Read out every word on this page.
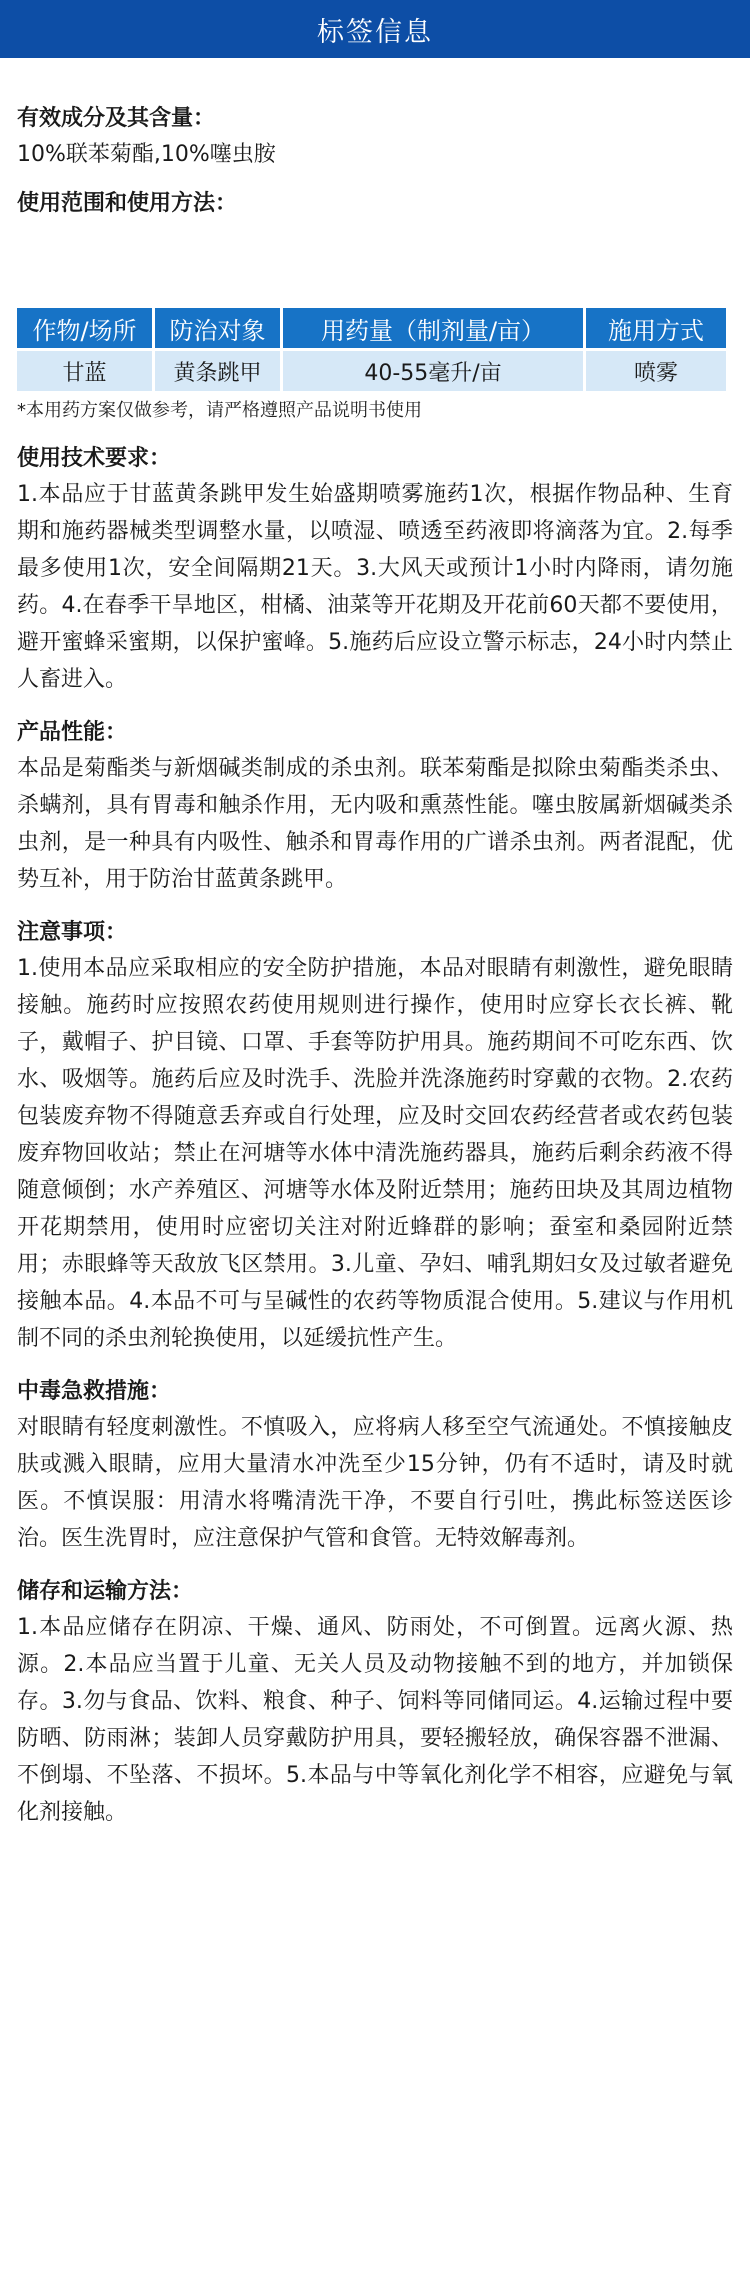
标签信息

有效成分及其含量：

10%联苯菊酯,10%噻虫胺

使用范围和使用方法：

作物/场所	防治对象	用药量（制剂量/亩）	施用方式
甘蓝	黄条跳甲	40-55毫升/亩	喷雾

*本用药方案仅做参考，请严格遵照产品说明书使用

使用技术要求：

1.本品应于甘蓝黄条跳甲发生始盛期喷雾施药1次，根据作物品种、生育期和施药器械类型调整水量，以喷湿、喷透至药液即将滴落为宜。2.每季最多使用1次，安全间隔期21天。3.大风天或预计1小时内降雨，请勿施药。4.在春季干旱地区，柑橘、油菜等开花期及开花前60天都不要使用，避开蜜蜂采蜜期，以保护蜜峰。5.施药后应设立警示标志，24小时内禁止人畜进入。

产品性能：

本品是菊酯类与新烟碱类制成的杀虫剂。联苯菊酯是拟除虫菊酯类杀虫、杀螨剂，具有胃毒和触杀作用，无内吸和熏蒸性能。噻虫胺属新烟碱类杀虫剂，是一种具有内吸性、触杀和胃毒作用的广谱杀虫剂。两者混配，优势互补，用于防治甘蓝黄条跳甲。

注意事项：

1.使用本品应采取相应的安全防护措施，本品对眼睛有刺激性，避免眼睛接触。施药时应按照农药使用规则进行操作，使用时应穿长衣长裤、靴子，戴帽子、护目镜、口罩、手套等防护用具。施药期间不可吃东西、饮水、吸烟等。施药后应及时洗手、洗脸并洗涤施药时穿戴的衣物。2.农药包装废弃物不得随意丢弃或自行处理，应及时交回农药经营者或农药包装废弃物回收站；禁止在河塘等水体中清洗施药器具，施药后剩余药液不得随意倾倒；水产养殖区、河塘等水体及附近禁用；施药田块及其周边植物开花期禁用，使用时应密切关注对附近蜂群的影响；蚕室和桑园附近禁用；赤眼蜂等天敌放飞区禁用。3.儿童、孕妇、哺乳期妇女及过敏者避免接触本品。4.本品不可与呈碱性的农药等物质混合使用。5.建议与作用机制不同的杀虫剂轮换使用，以延缓抗性产生。

中毒急救措施：

对眼睛有轻度刺激性。不慎吸入，应将病人移至空气流通处。不慎接触皮肤或溅入眼睛，应用大量清水冲洗至少15分钟，仍有不适时，请及时就医。不慎误服：用清水将嘴清洗干净，不要自行引吐，携此标签送医诊治。医生洗胃时，应注意保护气管和食管。无特效解毒剂。

储存和运输方法：

1.本品应储存在阴凉、干燥、通风、防雨处，不可倒置。远离火源、热源。2.本品应当置于儿童、无关人员及动物接触不到的地方，并加锁保存。3.勿与食品、饮料、粮食、种子、饲料等同储同运。4.运输过程中要防晒、防雨淋；装卸人员穿戴防护用具，要轻搬轻放，确保容器不泄漏、不倒塌、不坠落、不损坏。5.本品与中等氧化剂化学不相容，应避免与氧化剂接触。
